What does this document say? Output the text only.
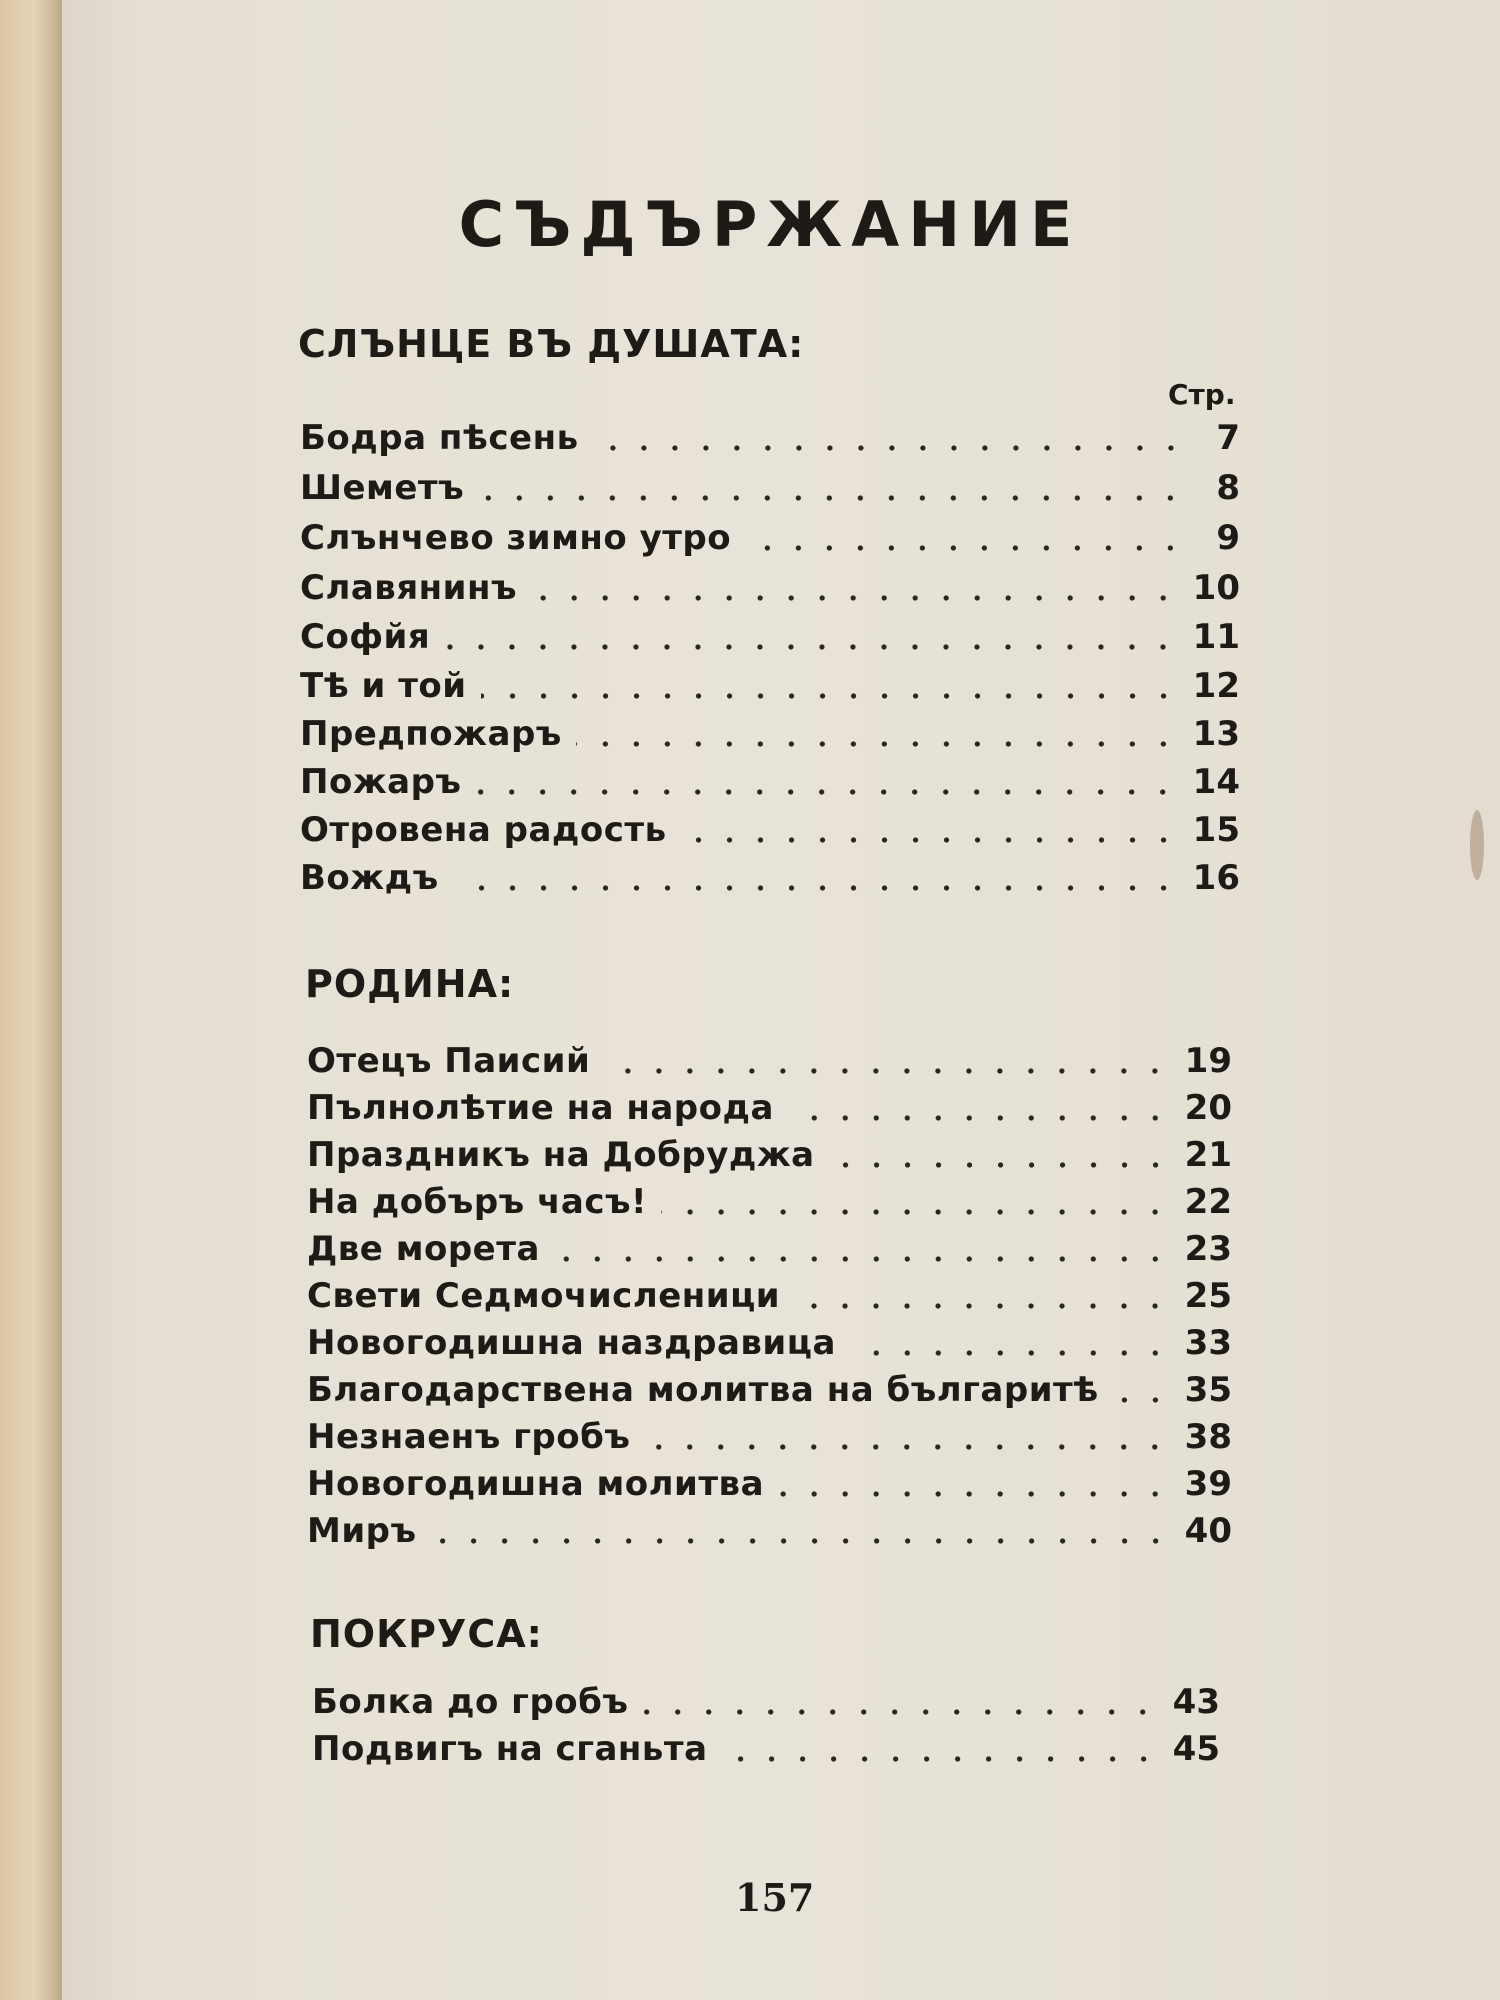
СЪДЪРЖАНИЕ
СЛЪНЦЕ ВЪ ДУШАТА:
Стр.
Бодра пѣсень	7
Шеметъ	8
Слънчево зимно утро	9
Славянинъ	10
Софйя	11
Тѣ и той	12
Предпожаръ	13
Пожаръ	14
Отровена радость	15
Вождъ	16
РОДИНА:
Отецъ Паисий	19
Пълнолѣтие на народа	20
Праздникъ на Добруджа	21
На добъръ часъ!	22
Две морета	23
Свети Седмочисленици	25
Новогодишна наздравица	33
Благодарствена молитва на българитѣ	35
Незнаенъ гробъ	38
Новогодишна молитва	39
Миръ	40
ПОКРУСА:
Болка до гробъ	43
Подвигъ на сганьта	45
157
